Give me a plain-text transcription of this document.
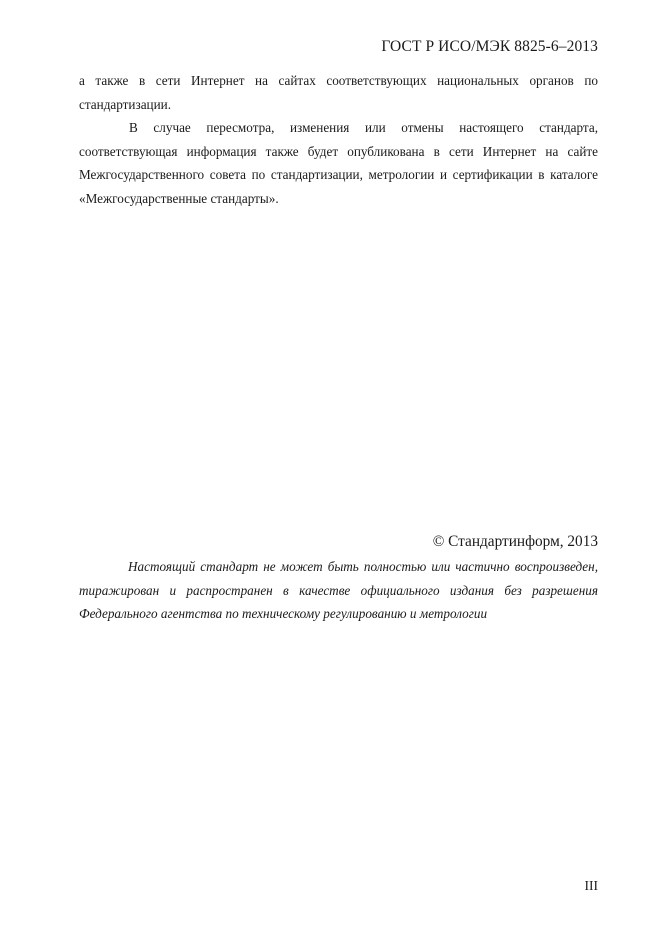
ГОСТ Р ИСО/МЭК 8825-6–2013
а также в сети Интернет на сайтах соответствующих национальных органов по стандартизации.
В случае пересмотра, изменения или отмены настоящего стандарта, соответствующая информация также будет опубликована в сети Интернет на сайте Межгосударственного совета по стандартизации, метрологии и сертификации в каталоге «Межгосударственные стандарты».
© Стандартинформ, 2013
Настоящий стандарт не может быть полностью или частично воспроизведен, тиражирован и распространен в качестве официального издания без разрешения Федерального агентства по техническому регулированию и метрологии
III
